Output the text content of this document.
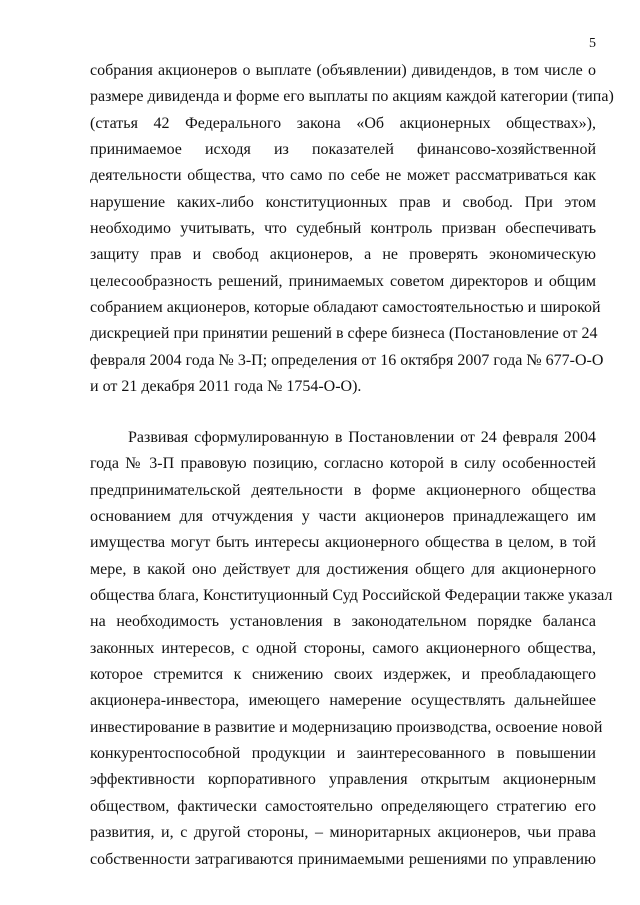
5
собрания акционеров о выплате (объявлении) дивидендов, в том числе о
размере дивиденда и форме его выплаты по акциям каждой категории (типа)
(статья 42 Федерального закона «Об акционерных обществах»),
принимаемое исходя из показателей финансово-хозяйственной
деятельности общества, что само по себе не может рассматриваться как
нарушение каких-либо конституционных прав и свобод. При этом
необходимо учитывать, что судебный контроль призван обеспечивать
защиту прав и свобод акционеров, а не проверять экономическую
целесообразность решений, принимаемых советом директоров и общим
собранием акционеров, которые обладают самостоятельностью и широкой
дискрецией при принятии решений в сфере бизнеса (Постановление от 24
февраля 2004 года № 3-П; определения от 16 октября 2007 года № 677-О-О
и от 21 декабря 2011 года № 1754-О-О).
Развивая сформулированную в Постановлении от 24 февраля 2004
года № 3-П правовую позицию, согласно которой в силу особенностей
предпринимательской деятельности в форме акционерного общества
основанием для отчуждения у части акционеров принадлежащего им
имущества могут быть интересы акционерного общества в целом, в той
мере, в какой оно действует для достижения общего для акционерного
общества блага, Конституционный Суд Российской Федерации также указал
на необходимость установления в законодательном порядке баланса
законных интересов, с одной стороны, самого акционерного общества,
которое стремится к снижению своих издержек, и преобладающего
акционера-инвестора, имеющего намерение осуществлять дальнейшее
инвестирование в развитие и модернизацию производства, освоение новой
конкурентоспособной продукции и заинтересованного в повышении
эффективности корпоративного управления открытым акционерным
обществом, фактически самостоятельно определяющего стратегию его
развития, и, с другой стороны, – миноритарных акционеров, чьи права
собственности затрагиваются принимаемыми решениями по управлению
